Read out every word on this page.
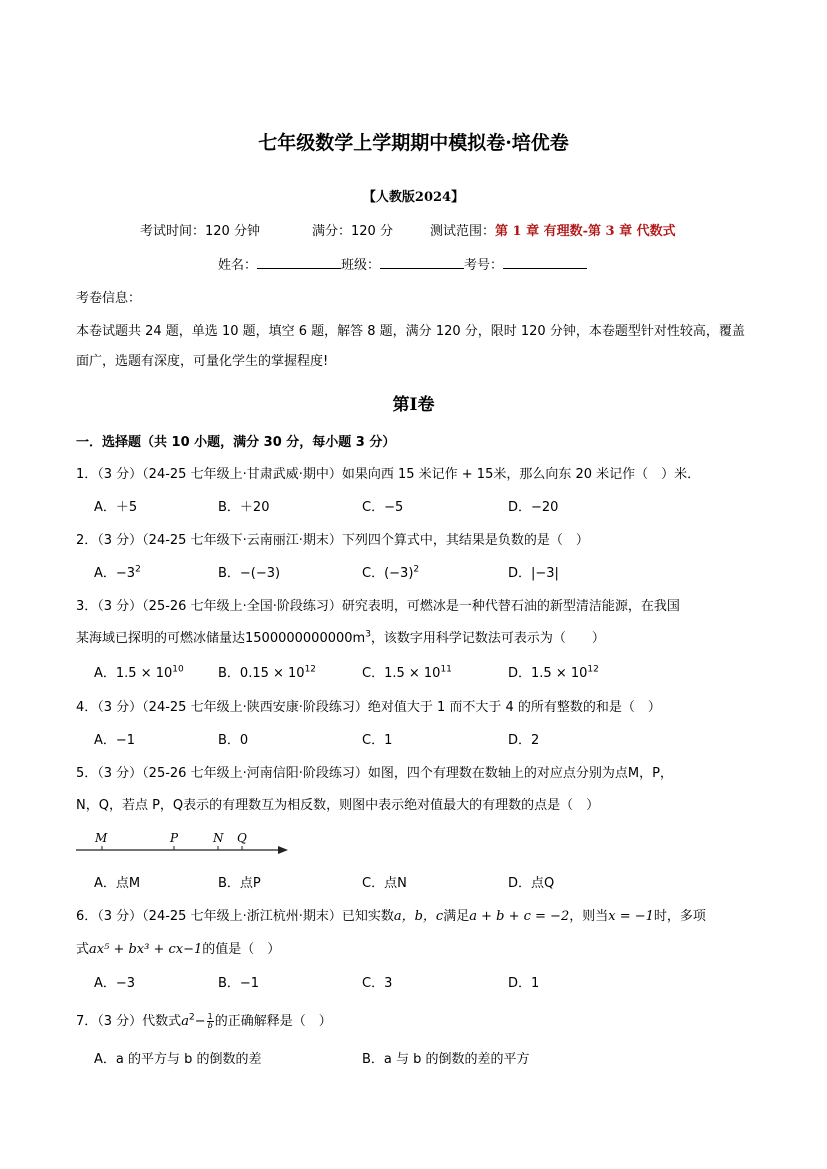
七年级数学上学期期中模拟卷·培优卷
【人教版2024】
考试时间：120 分钟	满分：120 分	测试范围：第 1 章 有理数-第 3 章 代数式
姓名：	班级：	考号：
考卷信息：
本卷试题共 24 题，单选 10 题，填空 6 题，解答 8 题，满分 120 分，限时 120 分钟，本卷题型针对性较高，覆盖
面广，选题有深度，可量化学生的掌握程度!
第I卷
一．选择题（共 10 小题，满分 30 分，每小题 3 分）
1．（3 分）（24-25 七年级上·甘肃武威·期中）如果向西 15 米记作 + 15米，那么向东 20 米记作（　）米．
A．＋5	B．＋20	C．−5	D．−20
2．（3 分）（24-25 七年级下·云南丽江·期末）下列四个算式中，其结果是负数的是（　）
A．$-3^2$	B．−(−3)	C．$(-3)^2$	D．|−3|
3．（3 分）（25-26 七年级上·全国·阶段练习）研究表明，可燃冰是一种代替石油的新型清洁能源，在我国
某海域已探明的可燃冰储量达$1500000000000m^3$，该数字用科学记数法可表示为（　　）
A．$1.5 \times 10^{10}$	B．$0.15 \times 10^{12}$	C．$1.5 \times 10^{11}$	D．$1.5 \times 10^{12}$
4．（3 分）（24-25 七年级上·陕西安康·阶段练习）绝对值大于 1 而不大于 4 的所有整数的和是（　）
A．−1	B．0	C．1	D．2
5．（3 分）（25-26 七年级上·河南信阳·阶段练习）如图，四个有理数在数轴上的对应点分别为点M，P，
N，Q，若点 P，Q表示的有理数互为相反数，则图中表示绝对值最大的有理数的点是（　）
M	P	N Q
A．点M	B．点P	C．点N	D．点Q
6．（3 分）（24-25 七年级上·浙江杭州·期末）已知实数a，b，c满足a + b + c = −2，则当x = −1时，多项
式ax⁵ + bx³ + cx−1的值是（　）
A．−3	B．−1	C．3	D．1
7．（3 分）代数式$a^2- \frac{1}{b}$ 的正确解释是（　）
A．a 的平方与 b 的倒数的差	B．a 与 b 的倒数的差的平方
